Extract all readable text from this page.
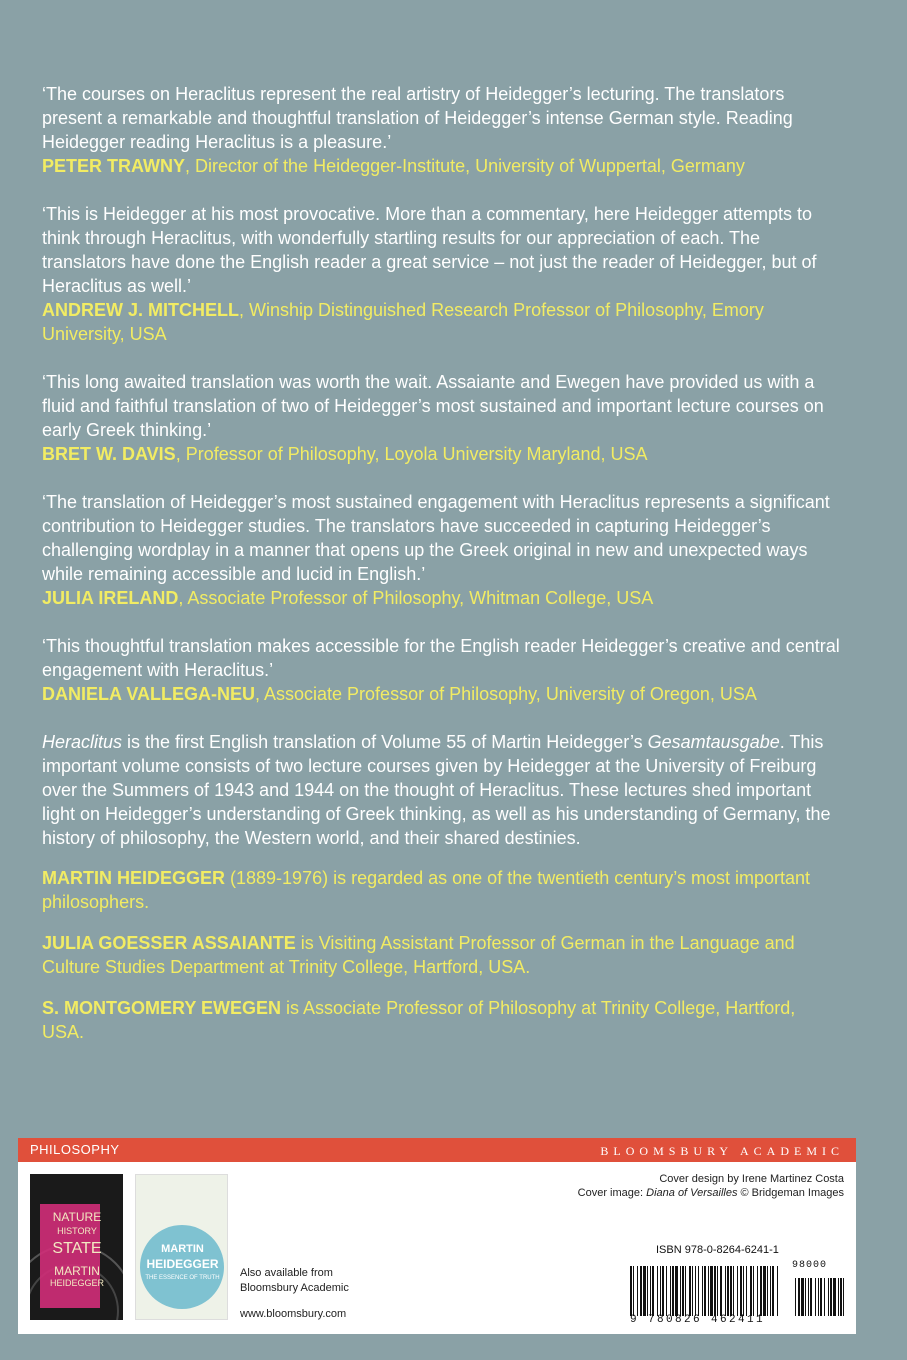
‘The courses on Heraclitus represent the real artistry of Heidegger’s lecturing. The translators present a remarkable and thoughtful translation of Heidegger’s intense German style. Reading Heidegger reading Heraclitus is a pleasure.’
PETER TRAWNY, Director of the Heidegger-Institute, University of Wuppertal, Germany
‘This is Heidegger at his most provocative. More than a commentary, here Heidegger attempts to think through Heraclitus, with wonderfully startling results for our appreciation of each. The translators have done the English reader a great service – not just the reader of Heidegger, but of Heraclitus as well.’
ANDREW J. MITCHELL, Winship Distinguished Research Professor of Philosophy, Emory University, USA
‘This long awaited translation was worth the wait. Assaiante and Ewegen have provided us with a fluid and faithful translation of two of Heidegger’s most sustained and important lecture courses on early Greek thinking.’
BRET W. DAVIS, Professor of Philosophy, Loyola University Maryland, USA
‘The translation of Heidegger’s most sustained engagement with Heraclitus represents a significant contribution to Heidegger studies. The translators have succeeded in capturing Heidegger’s challenging wordplay in a manner that opens up the Greek original in new and unexpected ways while remaining accessible and lucid in English.’
JULIA IRELAND, Associate Professor of Philosophy, Whitman College, USA
‘This thoughtful translation makes accessible for the English reader Heidegger’s creative and central engagement with Heraclitus.’
DANIELA VALLEGA-NEU, Associate Professor of Philosophy, University of Oregon, USA
Heraclitus is the first English translation of Volume 55 of Martin Heidegger’s Gesamtausgabe. This important volume consists of two lecture courses given by Heidegger at the University of Freiburg over the Summers of 1943 and 1944 on the thought of Heraclitus. These lectures shed important light on Heidegger’s understanding of Greek thinking, as well as his understanding of Germany, the history of philosophy, the Western world, and their shared destinies.
MARTIN HEIDEGGER (1889-1976) is regarded as one of the twentieth century’s most important philosophers.
JULIA GOESSER ASSAIANTE is Visiting Assistant Professor of German in the Language and Culture Studies Department at Trinity College, Hartford, USA.
S. MONTGOMERY EWEGEN is Associate Professor of Philosophy at Trinity College, Hartford, USA.
PHILOSOPHY	BLOOMSBURY ACADEMIC
Cover design by Irene Martinez Costa
Cover image: Diana of Versailles © Bridgeman Images
NATURE
HISTORY
STATE
MARTIN
HEIDEGGER
MARTIN
HEIDEGGER
THE ESSENCE OF TRUTH	Also available from
Bloomsbury Academic
www.bloomsbury.com
ISBN 978-0-8264-6241-1
9 780826 462411
98000
